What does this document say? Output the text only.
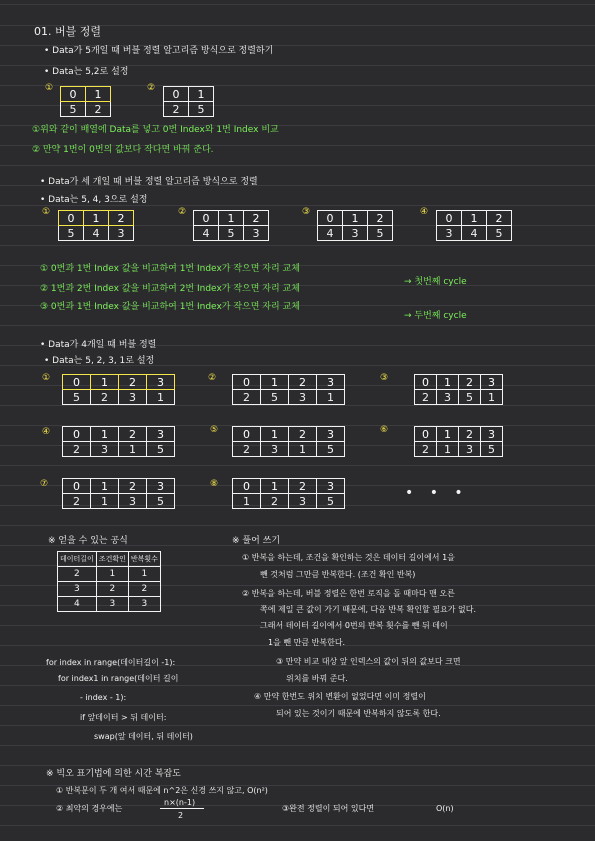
01. 버블 정렬
• Data가 5개일 때 버블 정렬 알고리즘 방식으로 정렬하기
• Data는 5,2로 설정
① 0	1
5	2
② 0	1
2	5
①위와 같이 배열에 Data를 넣고 0번 Index와 1번 Index 비교
② 만약 1번이 0번의 값보다 작다면 바꿔 준다.
• Data가 세 개일 때 버블 정렬 알고리즘 방식으로 정렬
• Data는 5, 4, 3으로 설정
① 0	1	2
5	4	3
② 0	1	2
4	5	3
③ 0	1	2
4	3	5
④ 0	1	2
3	4	5
① 0번과 1번 Index 값을 비교하여 1번 Index가 작으면 자리 교체
② 1번과 2번 Index 값을 비교하여 2번 Index가 작으면 자리 교체
③ 0번과 1번 Index 값을 비교하여 1번 Index가 작으면 자리 교체
→ 첫번째 cycle
→ 두번째 cycle
• Data가 4개일 때 버블 정렬
• Data는 5, 2, 3, 1로 설정
① 0	1	2	3
5	2	3	1
② 0	1	2	3
2	5	3	1
③	0	1	2	3
2	3	5	1
④ 0	1	2	3
2	3	1	5
⑤ 0	1	2	3
2	3	1	5
⑥	0	1	2	3
2	1	3	5
⑦ 0	1	2	3
2	1	3	5
⑧ 0	1	2	3
1	2	3	5	• • •
※ 얻을 수 있는 공식
데이터길이	조건확인	반복횟수
2	1	1
3	2	2
4	3	3
※ 풀어 쓰기
① 반복을 하는데, 조건을 확인하는 것은 데이터 길이에서 1을
뺀 것처럼 그만큼 반복한다. (조건 확인 반복)
② 반복을 하는데, 버블 정렬은 한번 로직을 돌 때마다 맨 오른
쪽에 제일 큰 값이 가기 때문에, 다음 반복 확인할 필요가 없다.
그래서 데이터 길이에서 0번의 반복 횟수를 뺀 뒤 데이
1을 뺀 만큼 반복한다.
③ 만약 비교 대상 앞 인덱스의 값이 뒤의 값보다 크면
위치를 바꿔 준다.
④ 만약 한번도 위치 변환이 없었다면 이미 정렬이
되어 있는 것이기 때문에 반복하지 않도록 한다.
for index in range(데이터길이 -1):
for index1 in range(데이터 길이
- index - 1):
if 앞데이터 > 뒤 데이터:
swap(앞 데이터, 뒤 데이터)
※ 빅오 표기법에 의한 시간 복잡도
① 반복문이 두 개 여서 때문에 n^2은 신경 쓰지 않고, O(n²)
② 최악의 경우에는
n×(n-1)
2
③완전 정렬이 되어 있다면	O(n)
